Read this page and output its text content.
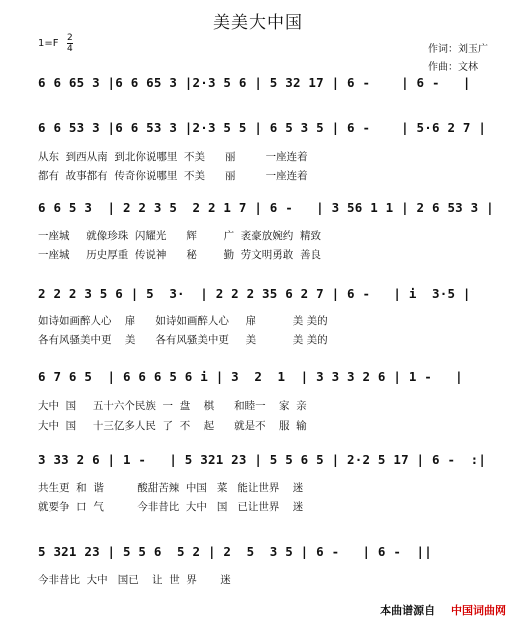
美美大中国
1=F 2
4	作词：刘玉广
作曲：文林
6 6 65 3 |6 6 65 3 |2·3 5 6 | 5 32 17 | 6 -    | 6 -   |
6 6 53 3 |6 6 53 3 |2·3 5 5 | 6 5 3 5 | 6 -    | 5·6 2 7 |
从东  到西从南  到北你说哪里  不美      丽         一座连着
都有  故事都有  传奇你说哪里  不美      丽         一座连着
6 6 5 3  | 2 2 3 5  2 2 1 7 | 6 -   | 3 56 1 1 | 2 6 53 3 |
一座城     就像珍珠  闪耀光      辉        广  袤豪放婉约  精致
一座城     历史厚重  传说神      秘        勤  劳文明勇敢  善良
2 2 2 3 5 6 | 5  3·  | 2 2 2 35 6 2 7 | 6 -   | i  3·5 |
如诗如画醉人心    扉      如诗如画醉人心     扉           美 美的
各有风骚美中更    美      各有风骚美中更     美           美 美的
6 7 6 5  | 6 6 6 5 6 i | 3  2  1  | 3 3 3 2 6 | 1 -   |
大中  国     五十六个民族  一  盘    棋      和睦一    家  亲
大中  国     十三亿多人民  了  不    起      就是不    服  输
3 33 2 6 | 1 -   | 5 321 23 | 5 5 6 5 | 2·2 5 17 | 6 -  :|
共生更  和  谐          酸甜苦辣  中国   菜   能让世界    迷
就要争  口  气          今非昔比  大中   国   已让世界    迷
5 321 23 | 5 5 6  5 2 | 2  5  3 5 | 6 -   | 6 -  ||
今非昔比  大中   国已    让  世  界       迷
本曲谱源自 中国词曲网
